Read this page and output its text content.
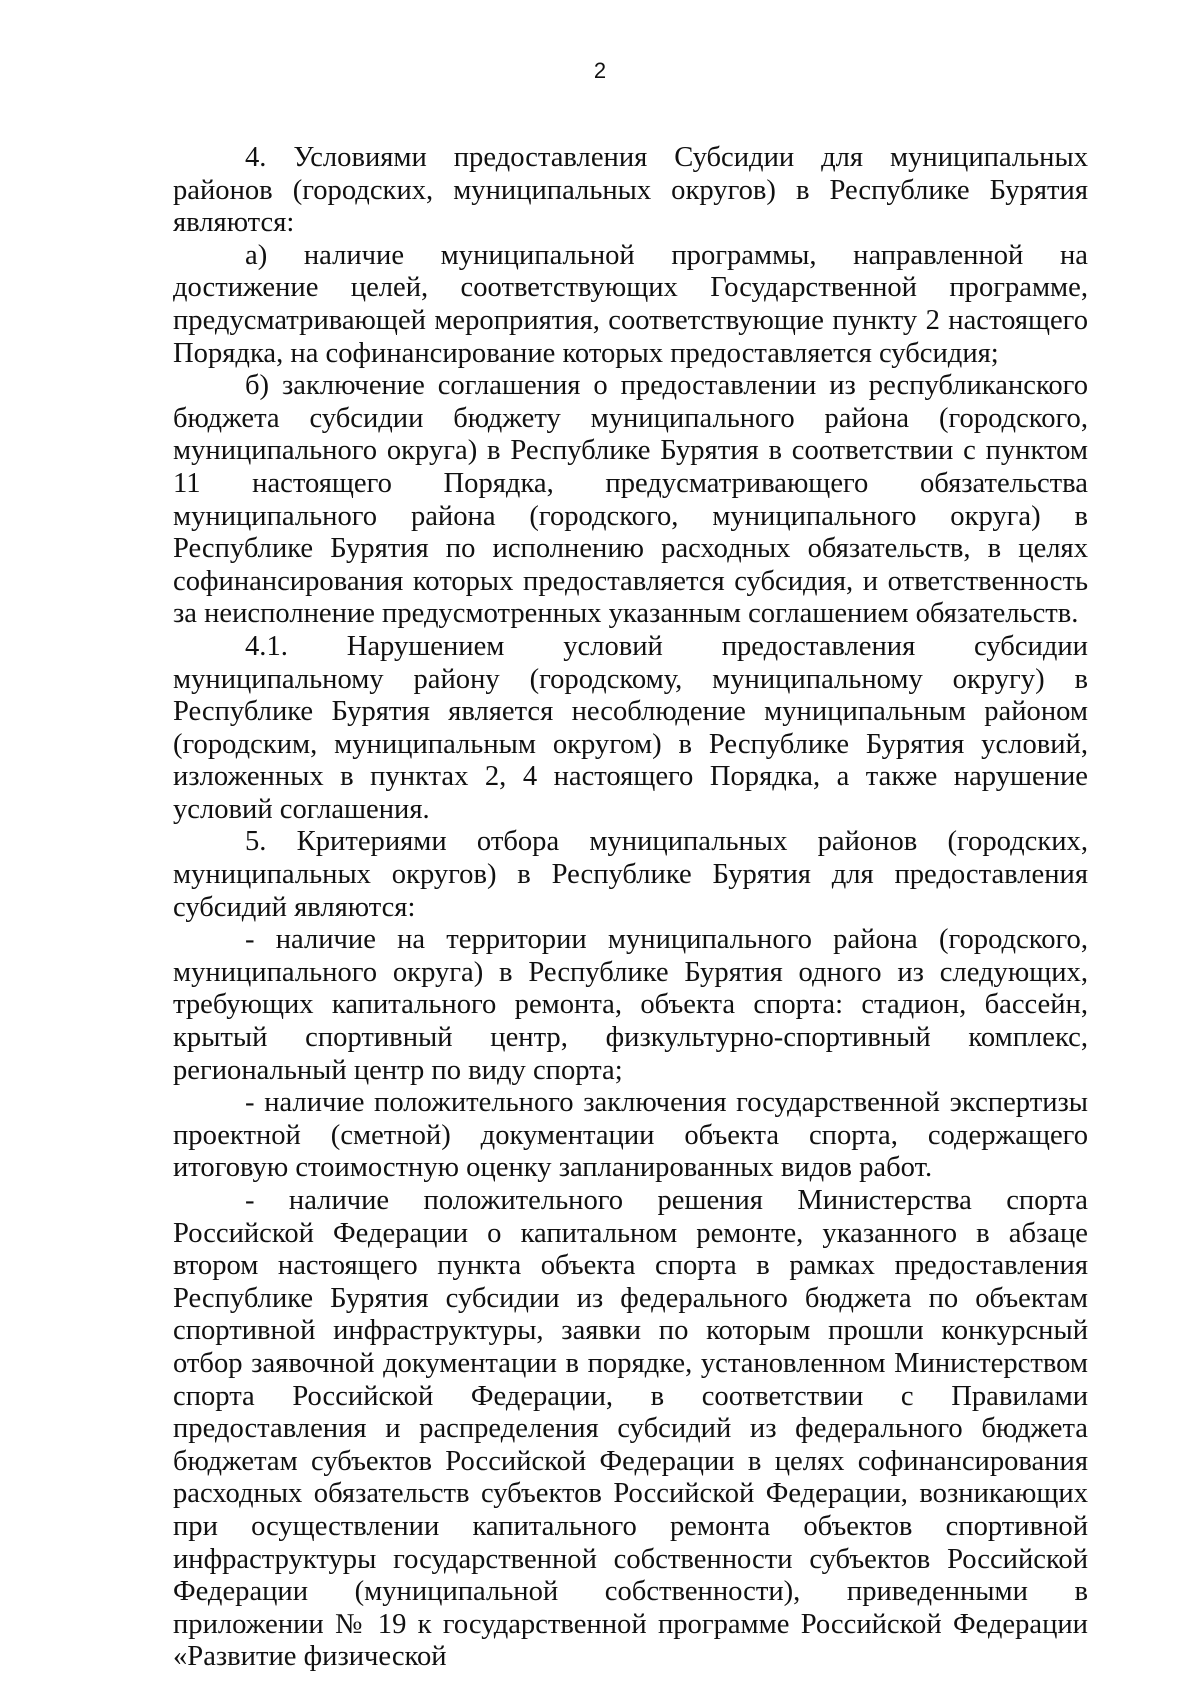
2

4. Условиями предоставления Субсидии для муниципальных районов (городских, муниципальных округов) в Республике Бурятия являются:

а) наличие муниципальной программы, направленной на достижение целей, соответствующих Государственной программе, предусматривающей мероприятия, соответствующие пункту 2 настоящего Порядка, на софинансирование которых предоставляется субсидия;

б) заключение соглашения о предоставлении из республиканского бюджета субсидии бюджету муниципального района (городского, муниципального округа) в Республике Бурятия в соответствии с пунктом 11 настоящего Порядка, предусматривающего обязательства муниципального района (городского, муниципального округа) в Республике Бурятия по исполнению расходных обязательств, в целях софинансирования которых предоставляется субсидия, и ответственность за неисполнение предусмотренных указанным соглашением обязательств.

4.1. Нарушением условий предоставления субсидии муниципальному району (городскому, муниципальному округу) в Республике Бурятия является несоблюдение муниципальным районом (городским, муниципальным округом) в Республике Бурятия условий, изложенных в пунктах 2, 4 настоящего Порядка, а также нарушение условий соглашения.

5. Критериями отбора муниципальных районов (городских, муниципальных округов) в Республике Бурятия для предоставления субсидий являются:

- наличие на территории муниципального района (городского, муниципального округа) в Республике Бурятия одного из следующих, требующих капитального ремонта, объекта спорта: стадион, бассейн, крытый спортивный центр, физкультурно-спортивный комплекс, региональный центр по виду спорта;

- наличие положительного заключения государственной экспертизы проектной (сметной) документации объекта спорта, содержащего итоговую стоимостную оценку запланированных видов работ.

- наличие положительного решения Министерства спорта Российской Федерации о капитальном ремонте, указанного в абзаце втором настоящего пункта объекта спорта в рамках предоставления Республике Бурятия субсидии из федерального бюджета по объектам спортивной инфраструктуры, заявки по которым прошли конкурсный отбор заявочной документации в порядке, установленном Министерством спорта Российской Федерации, в соответствии с Правилами предоставления и распределения субсидий из федерального бюджета бюджетам субъектов Российской Федерации в целях софинансирования расходных обязательств субъектов Российской Федерации, возникающих при осуществлении капитального ремонта объектов спортивной инфраструктуры государственной собственности субъектов Российской Федерации (муниципальной собственности), приведенными в приложении № 19 к государственной программе Российской Федерации «Развитие физической
